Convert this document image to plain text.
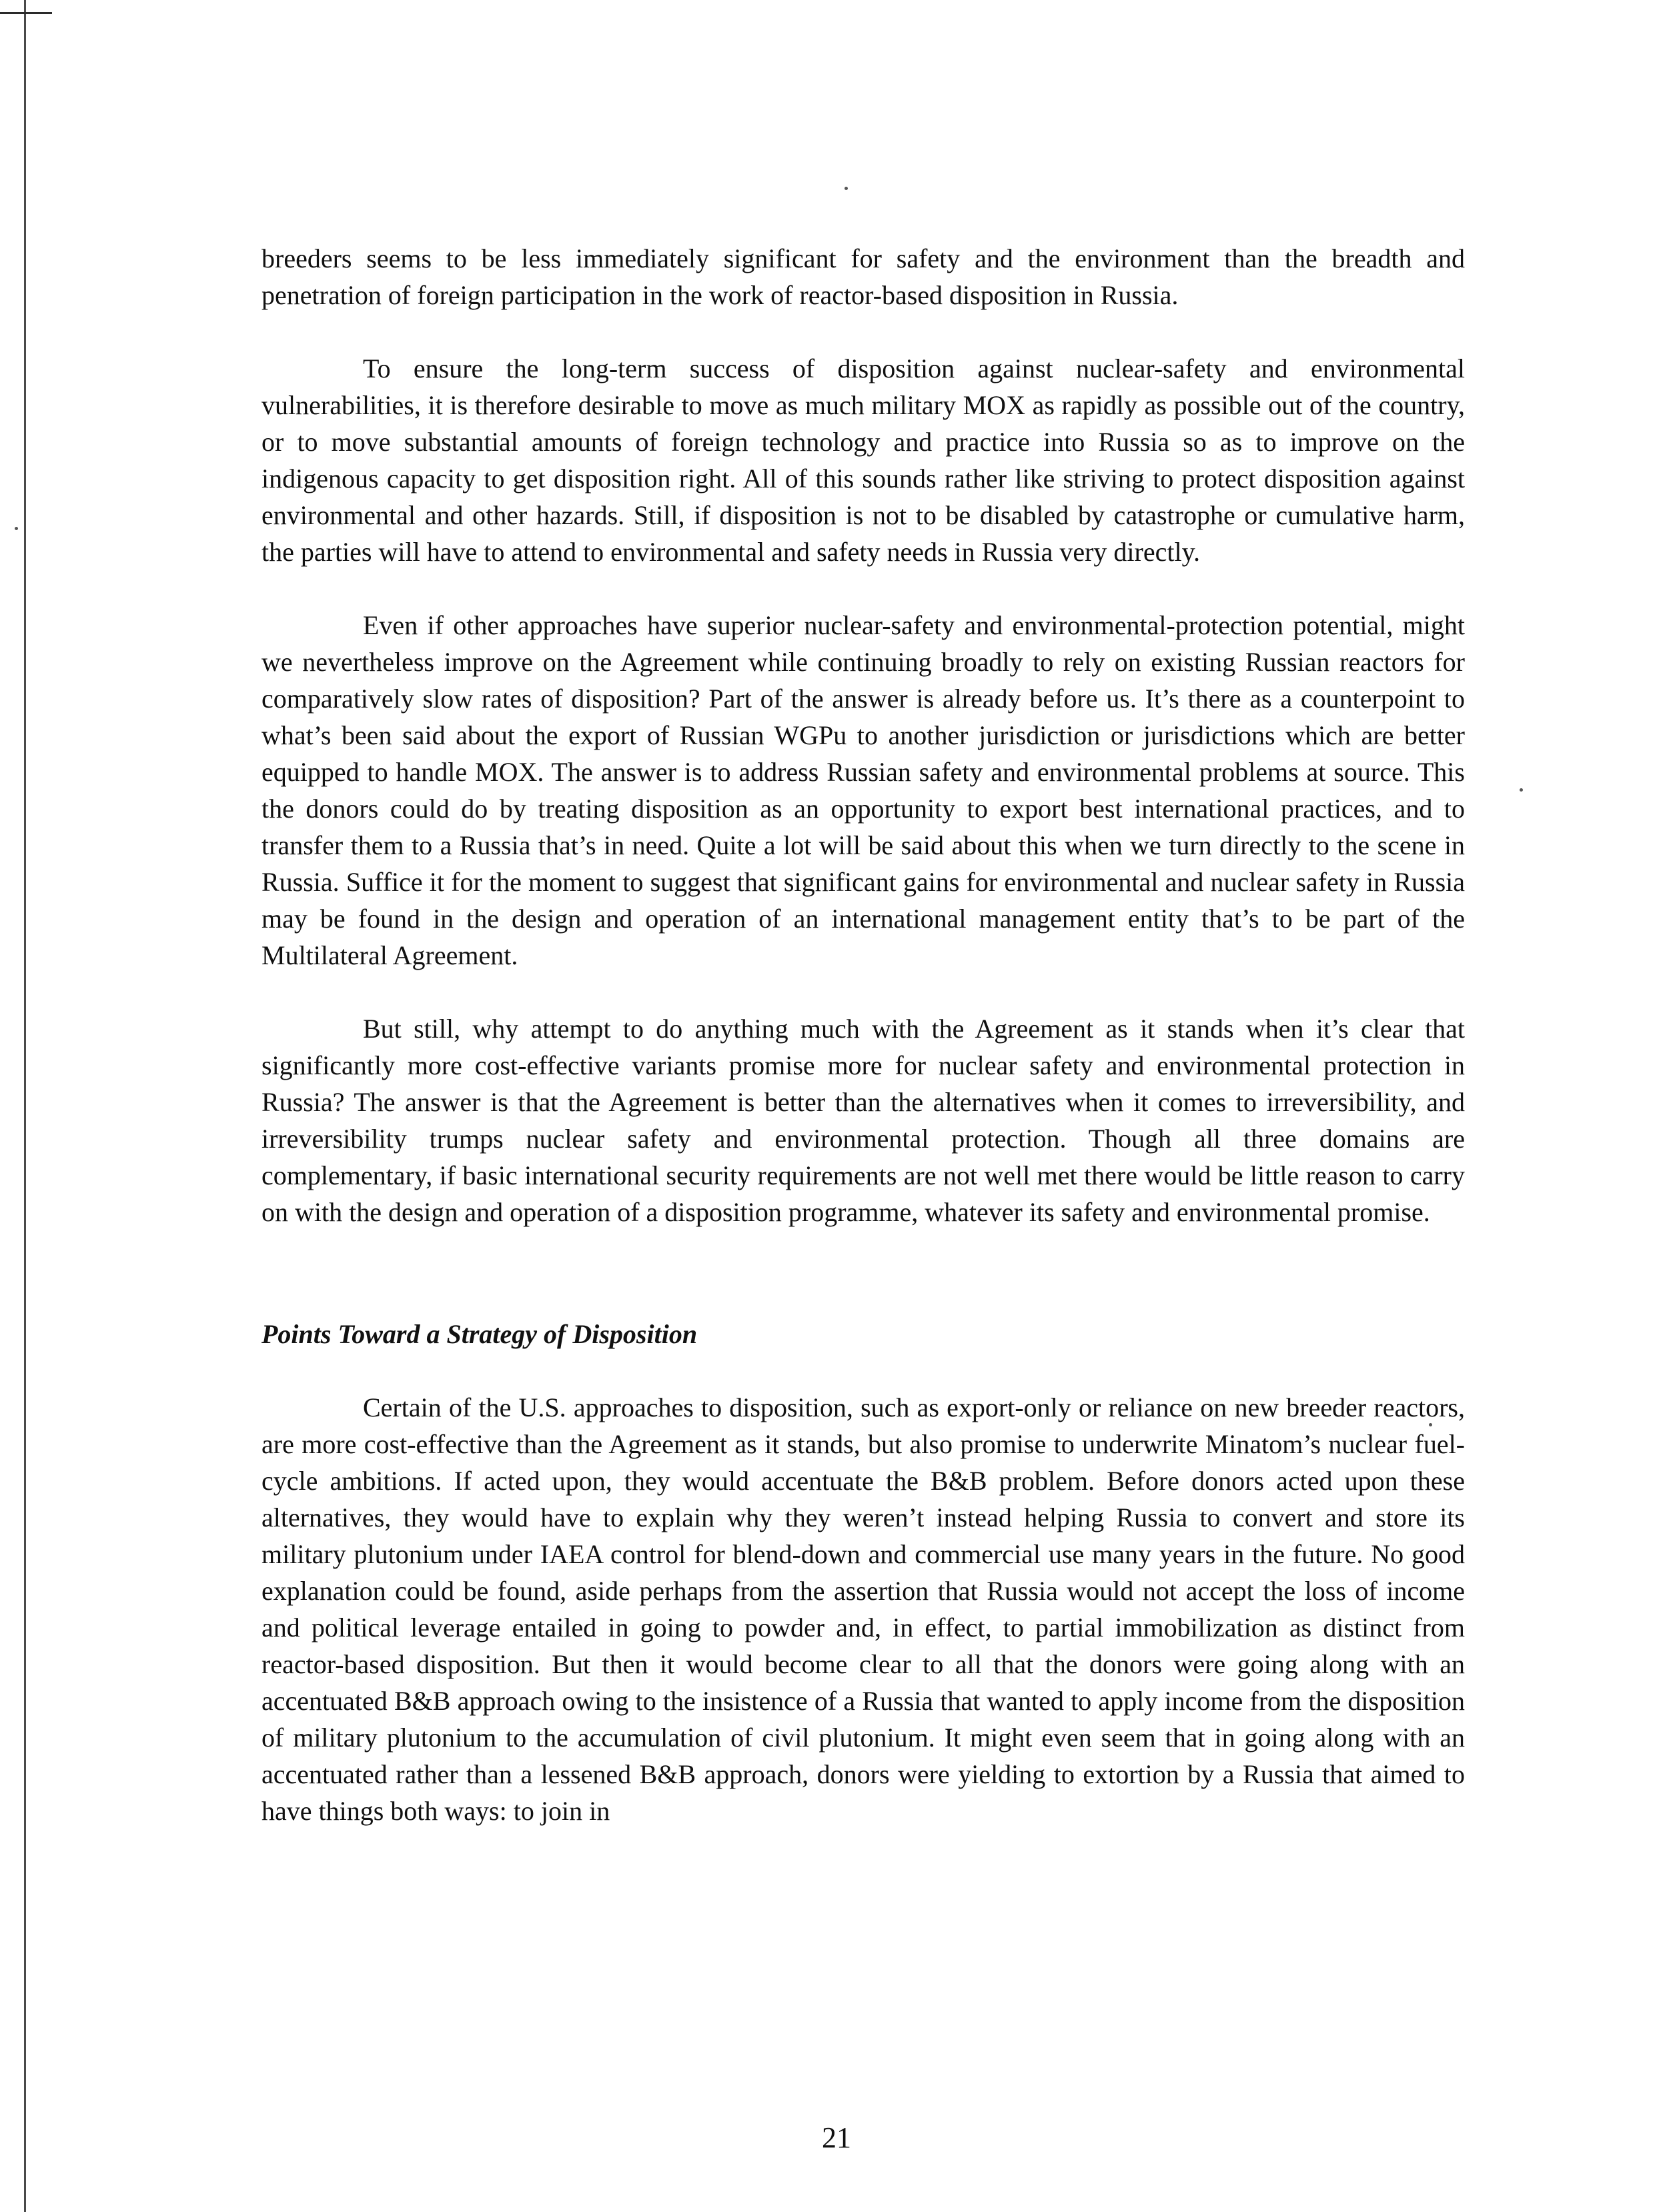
breeders seems to be less immediately significant for safety and the environment than the breadth and penetration of foreign participation in the work of reactor-based disposition in Russia.

To ensure the long-term success of disposition against nuclear-safety and environmental vulnerabilities, it is therefore desirable to move as much military MOX as rapidly as possible out of the country, or to move substantial amounts of foreign technology and practice into Russia so as to improve on the indigenous capacity to get disposition right. All of this sounds rather like striving to protect disposition against environmental and other hazards. Still, if disposition is not to be disabled by catastrophe or cumulative harm, the parties will have to attend to environmental and safety needs in Russia very directly.

Even if other approaches have superior nuclear-safety and environmental-protection potential, might we nevertheless improve on the Agreement while continuing broadly to rely on existing Russian reactors for comparatively slow rates of disposition? Part of the answer is already before us. It’s there as a counterpoint to what’s been said about the export of Russian WGPu to another jurisdiction or jurisdictions which are better equipped to handle MOX. The answer is to address Russian safety and environmental problems at source. This the donors could do by treating disposition as an opportunity to export best international practices, and to transfer them to a Russia that’s in need. Quite a lot will be said about this when we turn directly to the scene in Russia. Suffice it for the moment to suggest that significant gains for environmental and nuclear safety in Russia may be found in the design and operation of an international management entity that’s to be part of the Multilateral Agreement.

But still, why attempt to do anything much with the Agreement as it stands when it’s clear that significantly more cost-effective variants promise more for nuclear safety and environmental protection in Russia? The answer is that the Agreement is better than the alternatives when it comes to irreversibility, and irreversibility trumps nuclear safety and environmental protection. Though all three domains are complementary, if basic international security requirements are not well met there would be little reason to carry on with the design and operation of a disposition programme, whatever its safety and environmental promise.

Points Toward a Strategy of Disposition

Certain of the U.S. approaches to disposition, such as export-only or reliance on new breeder reactors, are more cost-effective than the Agreement as it stands, but also promise to underwrite Minatom’s nuclear fuel-cycle ambitions. If acted upon, they would accentuate the B&B problem. Before donors acted upon these alternatives, they would have to explain why they weren’t instead helping Russia to convert and store its military plutonium under IAEA control for blend-down and commercial use many years in the future. No good explanation could be found, aside perhaps from the assertion that Russia would not accept the loss of income and political leverage entailed in going to powder and, in effect, to partial immobilization as distinct from reactor-based disposition. But then it would become clear to all that the donors were going along with an accentuated B&B approach owing to the insistence of a Russia that wanted to apply income from the disposition of military plutonium to the accumulation of civil plutonium. It might even seem that in going along with an accentuated rather than a lessened B&B approach, donors were yielding to extortion by a Russia that aimed to have things both ways: to join in

21
